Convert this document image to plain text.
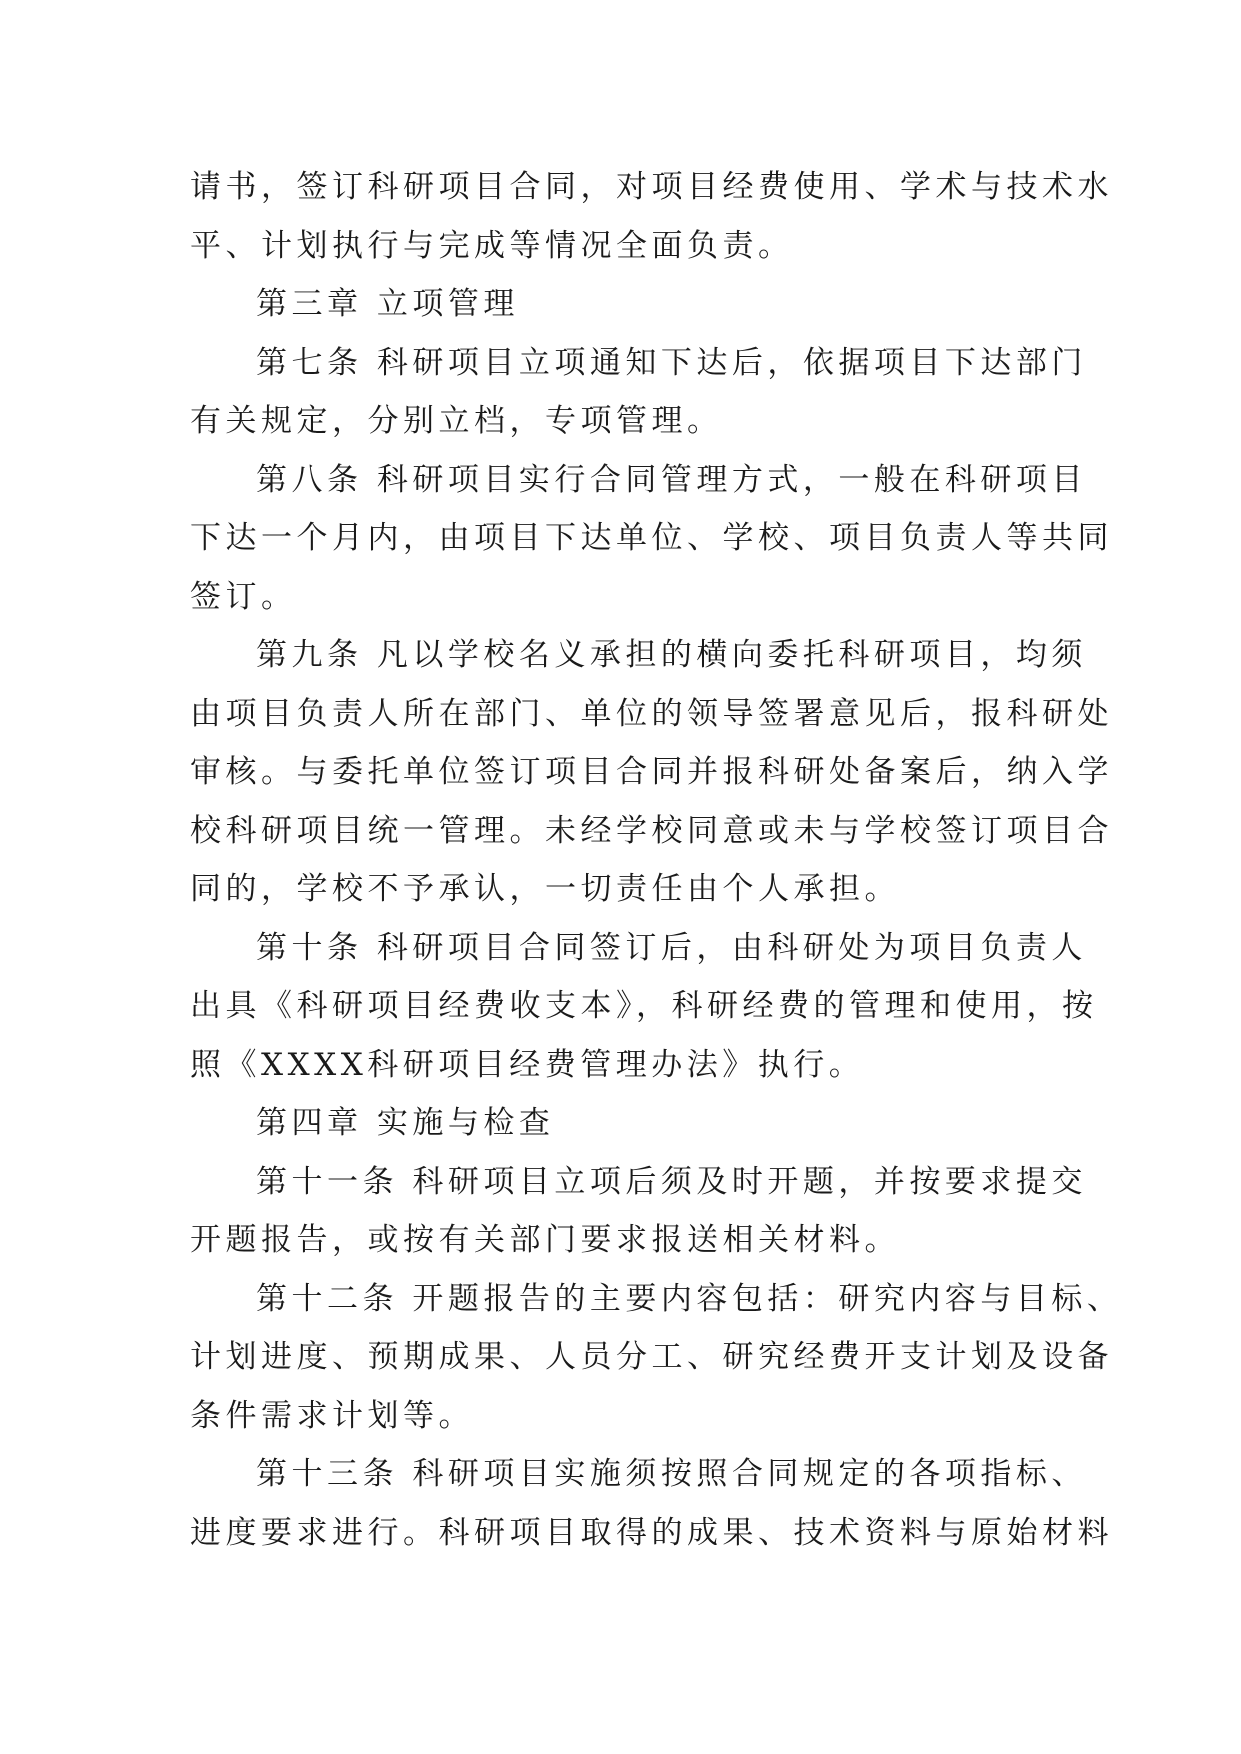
请书，签订科研项目合同，对项目经费使用、学术与技术水
平、计划执行与完成等情况全面负责。
第三章 立项管理
第七条 科研项目立项通知下达后，依据项目下达部门
有关规定，分别立档，专项管理。
第八条 科研项目实行合同管理方式，一般在科研项目
下达一个月内，由项目下达单位、学校、项目负责人等共同
签订。
第九条 凡以学校名义承担的横向委托科研项目，均须
由项目负责人所在部门、单位的领导签署意见后，报科研处
审核。与委托单位签订项目合同并报科研处备案后，纳入学
校科研项目统一管理。未经学校同意或未与学校签订项目合
同的，学校不予承认，一切责任由个人承担。
第十条 科研项目合同签订后，由科研处为项目负责人
出具《科研项目经费收支本》，科研经费的管理和使用，按
照《XXXX科研项目经费管理办法》执行。
第四章 实施与检查
第十一条 科研项目立项后须及时开题，并按要求提交
开题报告，或按有关部门要求报送相关材料。
第十二条 开题报告的主要内容包括：研究内容与目标、
计划进度、预期成果、人员分工、研究经费开支计划及设备
条件需求计划等。
第十三条 科研项目实施须按照合同规定的各项指标、
进度要求进行。科研项目取得的成果、技术资料与原始材料
